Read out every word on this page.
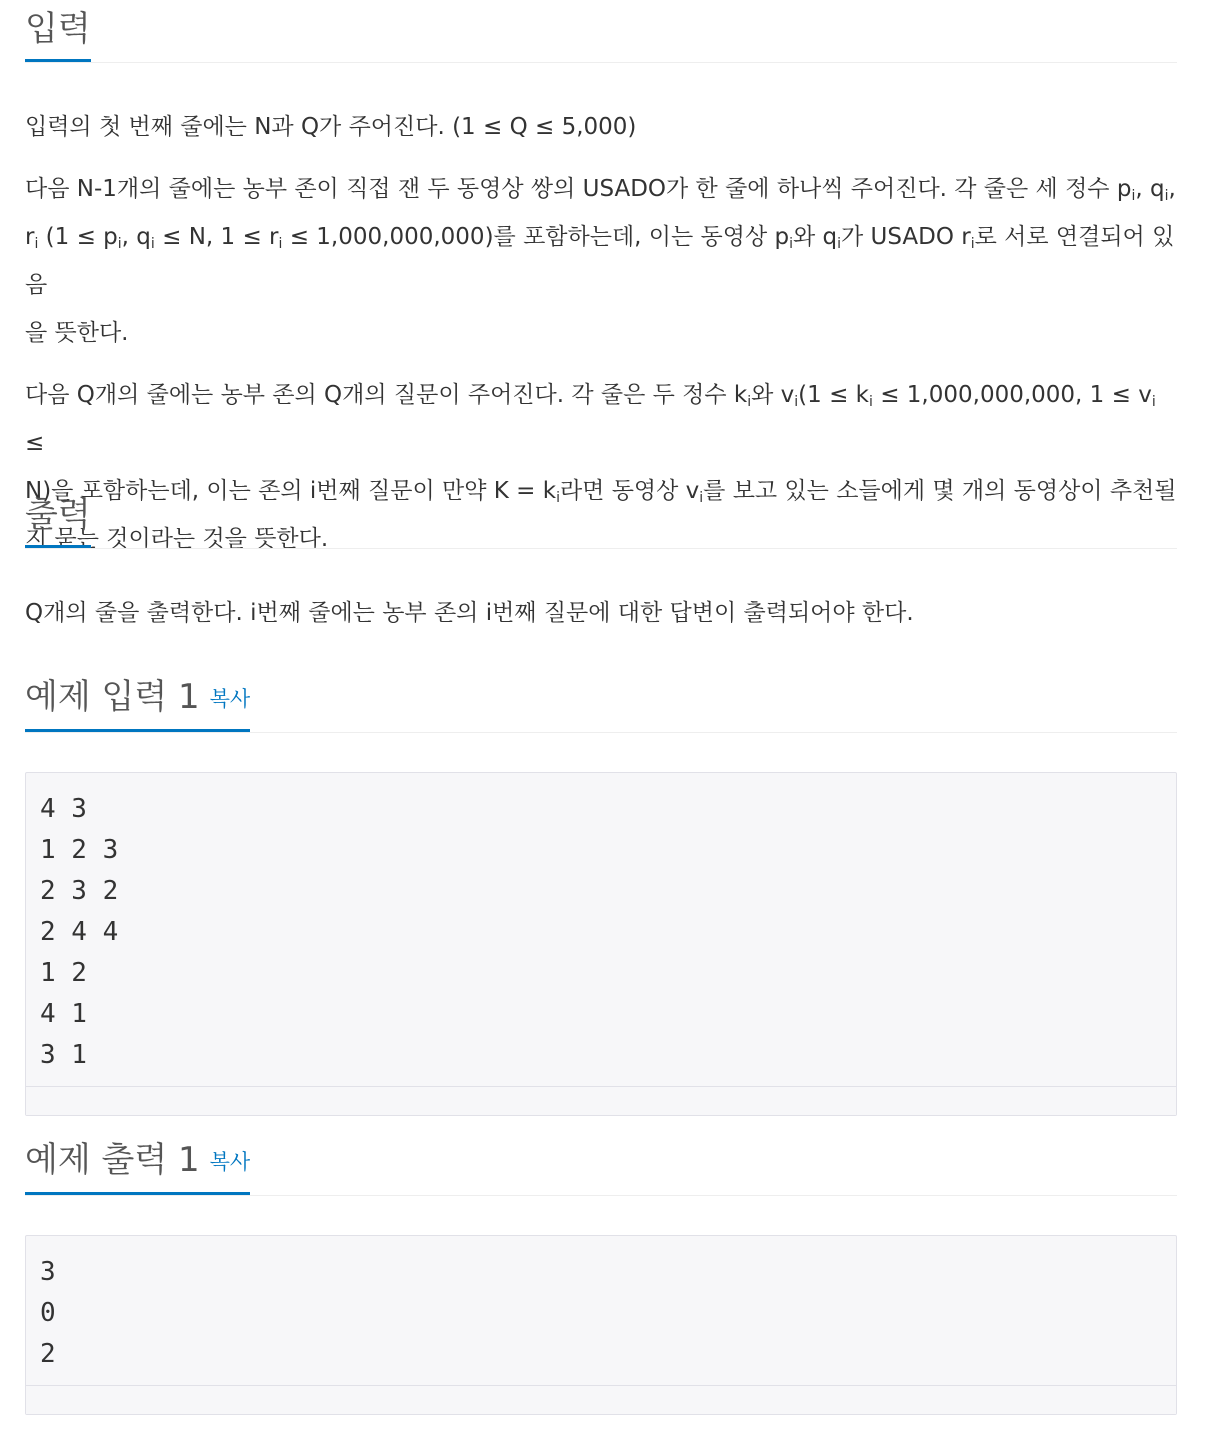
입력

입력의 첫 번째 줄에는 N과 Q가 주어진다. (1 ≤ Q ≤ 5,000)

다음 N-1개의 줄에는 농부 존이 직접 잰 두 동영상 쌍의 USADO가 한 줄에 하나씩 주어진다. 각 줄은 세 정수 $p_i$, $q_i$,
$r_i$ ($1 \le p_i$, $q_i \le N$, $1 \le r_i \le 1,000,000,000$)를 포함하는데, 이는 동영상 $p_i$와 $q_i$가 USADO $r_i$로 서로 연결되어 있음
을 뜻한다.

다음 Q개의 줄에는 농부 존의 Q개의 질문이 주어진다. 각 줄은 두 정수 $k_i$와 $v_i(1 \le k_i \le 1,000,000,000$, $1 \le v_i$ ≤
N)을 포함하는데, 이는 존의 i번째 질문이 만약 $K = k_i$라면 동영상 $v_i$를 보고 있는 소들에게 몇 개의 동영상이 추천될
지 묻는 것이라는 것을 뜻한다.

출력

Q개의 줄을 출력한다. i번째 줄에는 농부 존의 i번째 질문에 대한 답변이 출력되어야 한다.

예제 입력 1 복사
4 3
1 2 3
2 3 2
2 4 4
1 2
4 1
3 1
예제 출력 1 복사
3
0
2
